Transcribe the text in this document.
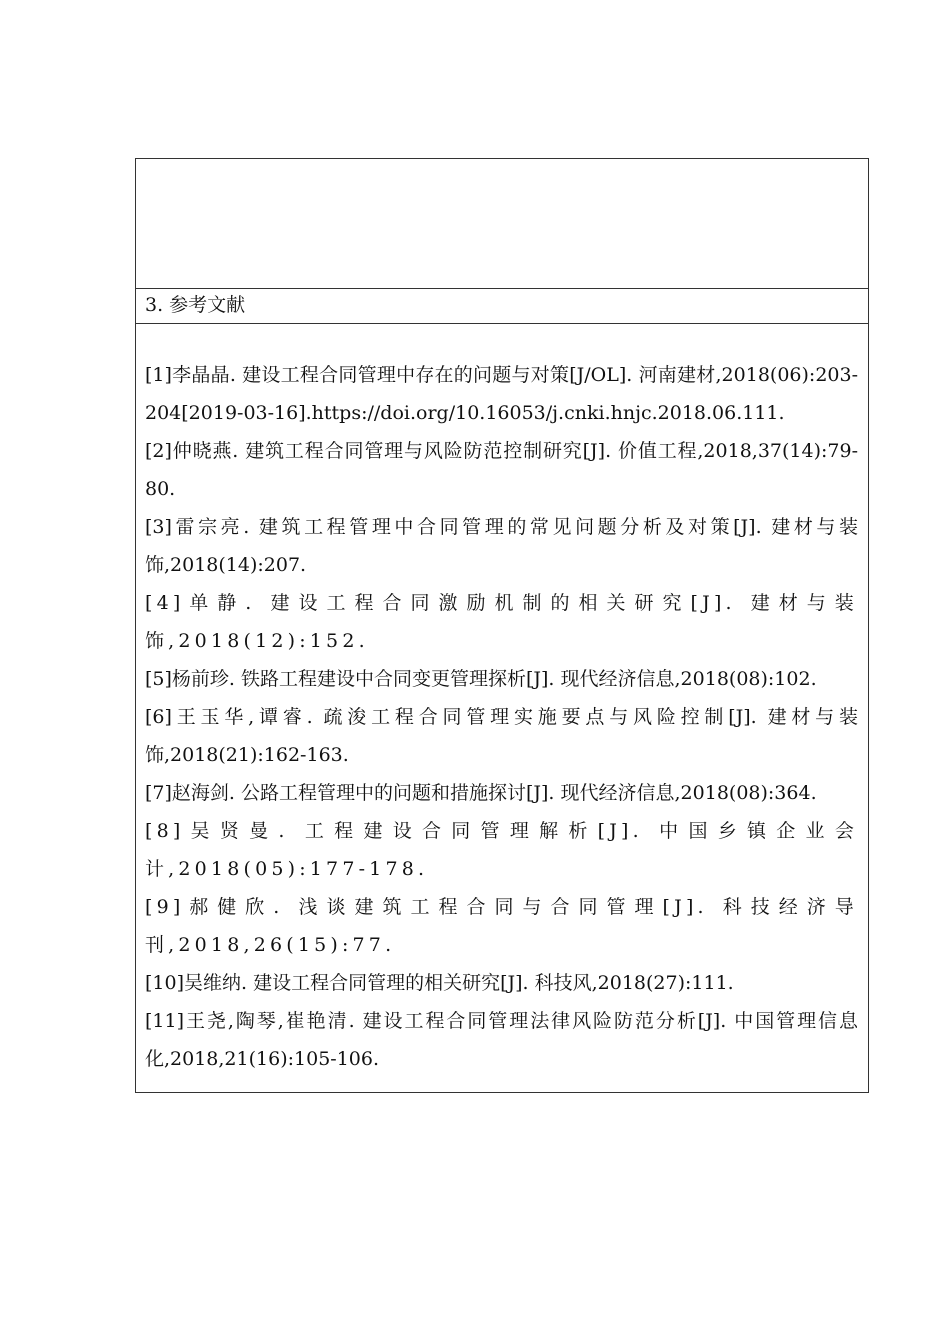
3. 参考文献

[1]李晶晶. 建设工程合同管理中存在的问题与对策[J/OL]. 河南建材,2018(06):203-204[2019-03-16].https://doi.org/10.16053/j.cnki.hnjc.2018.06.111.

[2]仲晓燕. 建筑工程合同管理与风险防范控制研究[J]. 价值工程,2018,37(14):79-80.

[3]雷宗亮. 建筑工程管理中合同管理的常见问题分析及对策[J]. 建材与装饰,2018(14):207.

[4]单静. 建设工程合同激励机制的相关研究[J]. 建材与装饰,2018(12):152.

[5]杨前珍. 铁路工程建设中合同变更管理探析[J]. 现代经济信息,2018(08):102.

[6]王玉华,谭睿. 疏浚工程合同管理实施要点与风险控制[J]. 建材与装饰,2018(21):162-163.

[7]赵海剑. 公路工程管理中的问题和措施探讨[J]. 现代经济信息,2018(08):364.

[8]吴贤曼. 工程建设合同管理解析[J]. 中国乡镇企业会计,2018(05):177-178.

[9]郝健欣. 浅谈建筑工程合同与合同管理[J]. 科技经济导刊,2018,26(15):77.

[10]吴维纳. 建设工程合同管理的相关研究[J]. 科技风,2018(27):111.

[11]王尧,陶琴,崔艳清. 建设工程合同管理法律风险防范分析[J]. 中国管理信息化,2018,21(16):105-106.
